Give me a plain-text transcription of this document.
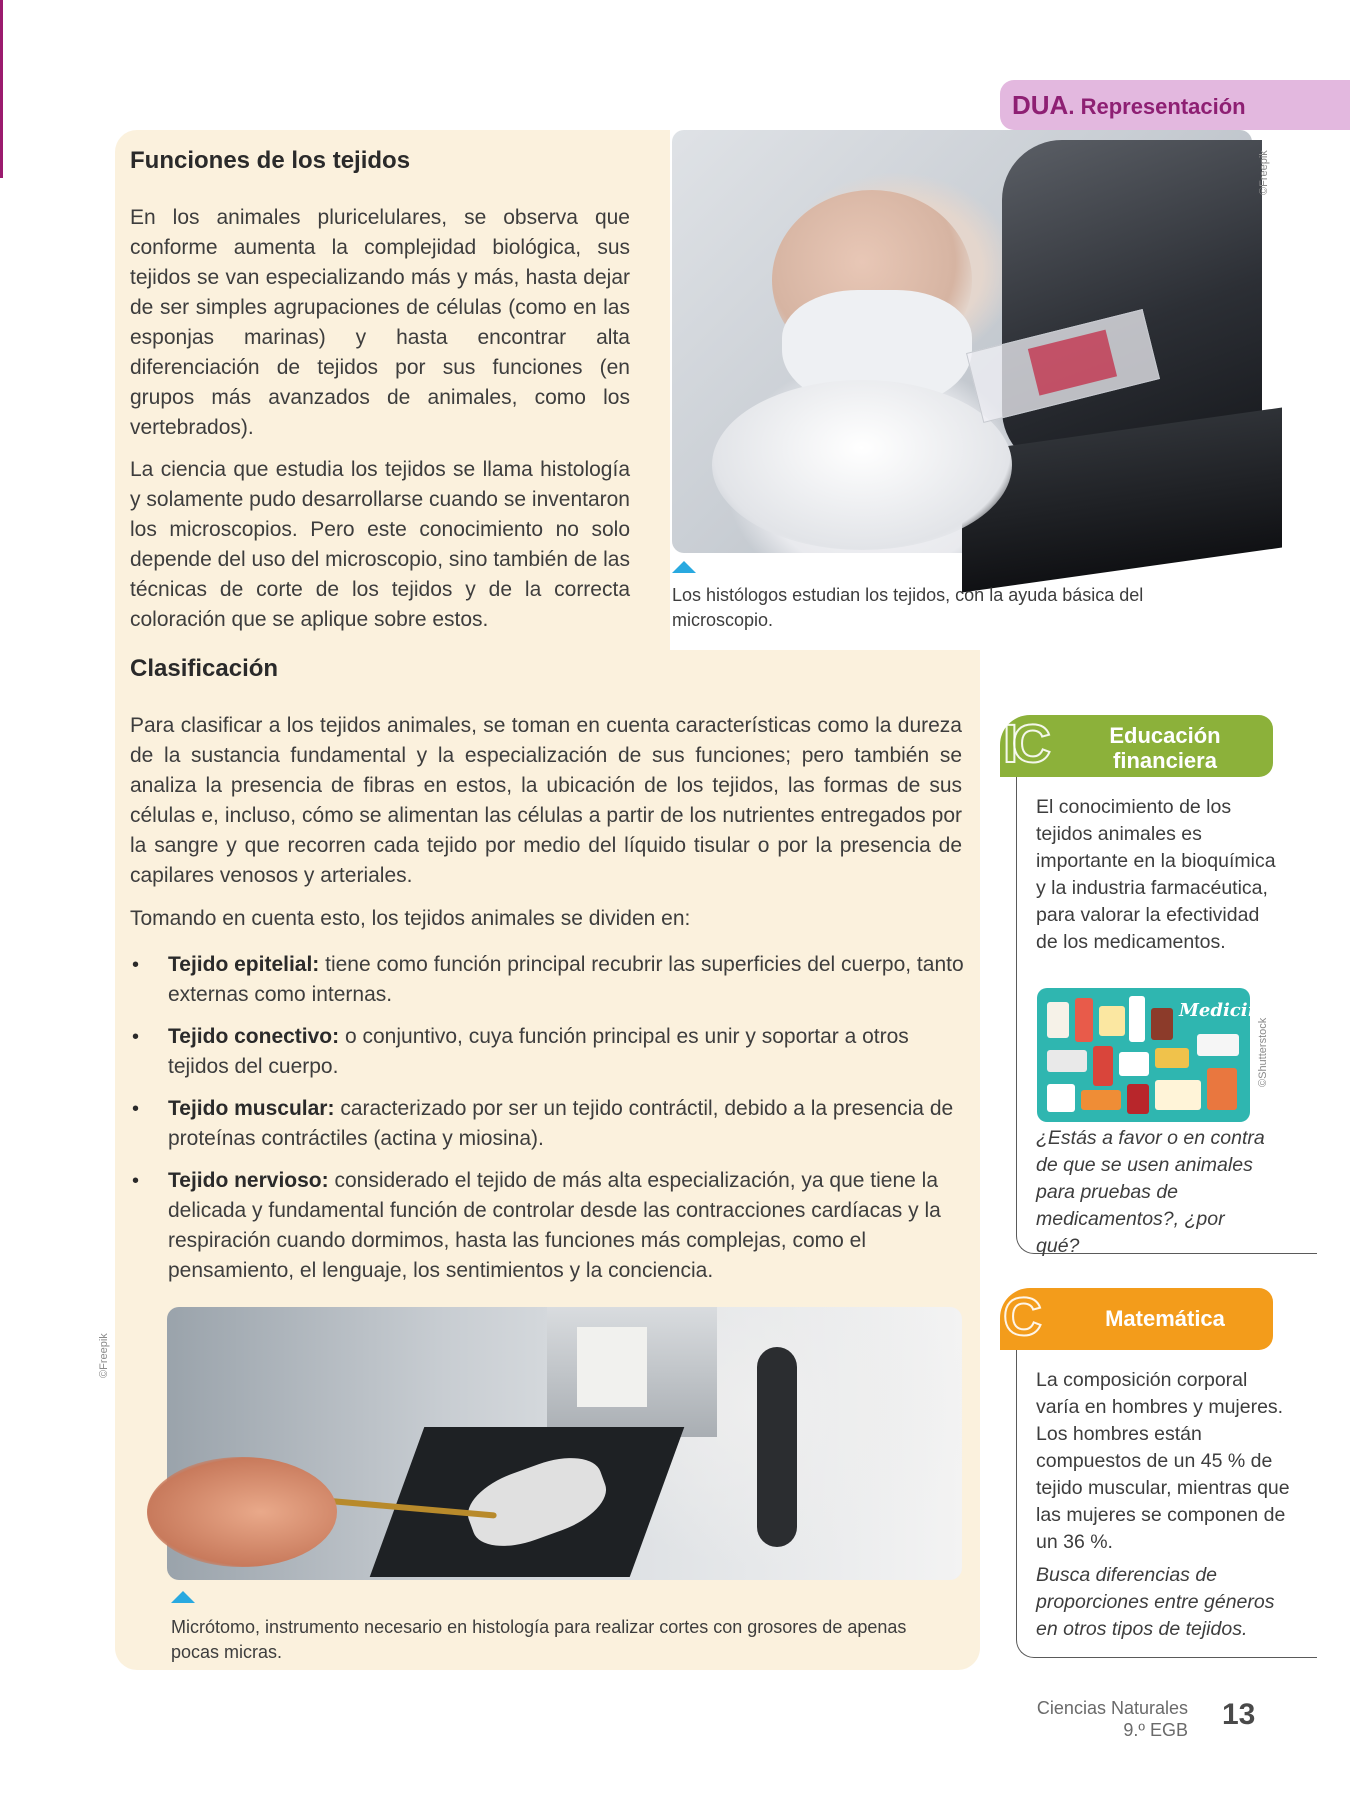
DUA. Representación
Funciones de los tejidos

En los animales pluricelulares, se observa que conforme aumenta la complejidad biológica, sus tejidos se van especializando más y más, hasta dejar de ser simples agrupaciones de células (como en las esponjas marinas) y hasta encontrar alta diferenciación de tejidos por sus funciones (en grupos más avanzados de animales, como los vertebrados).

La ciencia que estudia los tejidos se llama histología y solamente pudo desarrollarse cuando se inventaron los microscopios. Pero este conocimiento no solo depende del uso del microscopio, sino también de las técnicas de corte de los tejidos y de la correcta coloración que se aplique sobre estos.

©Freepik

Los histólogos estudian los tejidos, con la ayuda básica del microscopio.

Clasificación

Para clasificar a los tejidos animales, se toman en cuenta características como la dureza de la sustancia fundamental y la especialización de sus funciones; pero también se analiza la presencia de fibras en estos, la ubicación de los tejidos, las formas de sus células e, incluso, cómo se alimentan las células a partir de los nutrientes entregados por la sangre y que recorren cada tejido por medio del líquido tisular o por la presencia de capilares venosos y arteriales.

Tomando en cuenta esto, los tejidos animales se dividen en:

• Tejido epitelial: tiene como función principal recubrir las superficies del cuerpo, tanto externas como internas.
• Tejido conectivo: o conjuntivo, cuya función principal es unir y soportar a otros tejidos del cuerpo.
• Tejido muscular: caracterizado por ser un tejido contráctil, debido a la presencia de proteínas contráctiles (actina y miosina).
• Tejido nervioso: considerado el tejido de más alta especialización, ya que tiene la delicada y fundamental función de controlar desde las contracciones cardíacas y la respiración cuando dormimos, hasta las funciones más complejas, como el pensamiento, el lenguaje, los sentimientos y la conciencia.
©Freepik

Micrótomo, instrumento necesario en histología para realizar cortes con grosores de apenas pocas micras.

IC	Educación financiera

El conocimiento de los tejidos animales es importante en la bioquímica y la industria farmacéutica, para valorar la efectividad de los medicamentos.

Medicine
©Shutterstock

¿Estás a favor o en contra de que se usen animales para pruebas de medicamentos?, ¿por qué?

C	Matemática

La composición corporal varía en hombres y mujeres. Los hombres están compuestos de un 45 % de tejido muscular, mientras que las mujeres se componen de un 36 %.

Busca diferencias de proporciones entre géneros en otros tipos de tejidos.

Ciencias Naturales
9.º EGB 13
